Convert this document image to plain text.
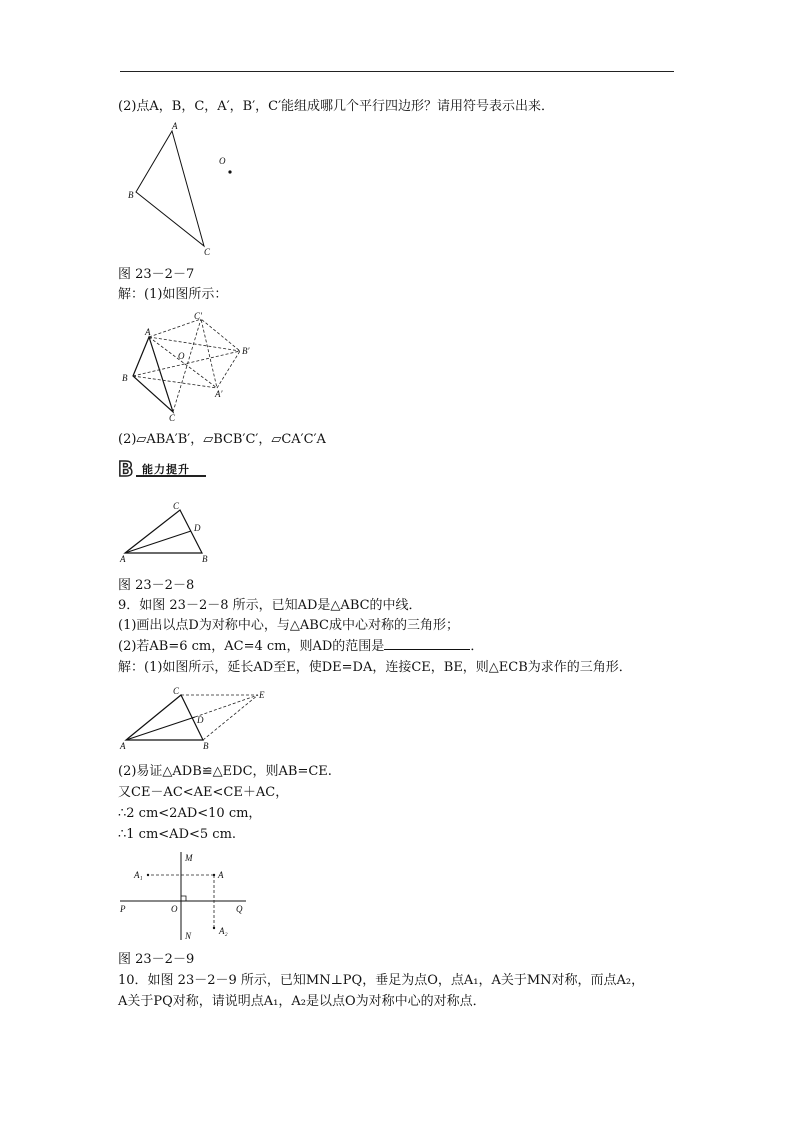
(2)点A，B，C，A′，B′，C′能组成哪几个平行四边形？请用符号表示出来．
A
B
C
O
图 23－2－7
解：(1)如图所示：
A
B
C
O
A′
B′
C′
(2)▱ABA′B′，▱BCB′C′，▱CA′C′A
B 能力提升
A	B
C
D
图 23－2－8
9．如图 23－2－8 所示，已知AD是△ABC的中线．
(1)画出以点D为对称中心，与△ABC成中心对称的三角形；
(2)若AB=6 cm，AC=4 cm，则AD的范围是	．
解：(1)如图所示，延长AD至E，使DE=DA，连接CE，BE，则△ECB为求作的三角形．
A	B
C
D
E
(2)易证△ADB≌△EDC，则AB=CE.
又CE－AC<AE<CE＋AC，
∴2 cm<2AD<10 cm，
∴1 cm<AD<5 cm.
M
N
P	Q
O
A
A₁
A₂
图 23－2－9
10．如图 23－2－9 所示，已知MN⊥PQ，垂足为点O，点A₁，A关于MN对称，而点A₂，
A关于PQ对称，请说明点A₁，A₂是以点O为对称中心的对称点．
